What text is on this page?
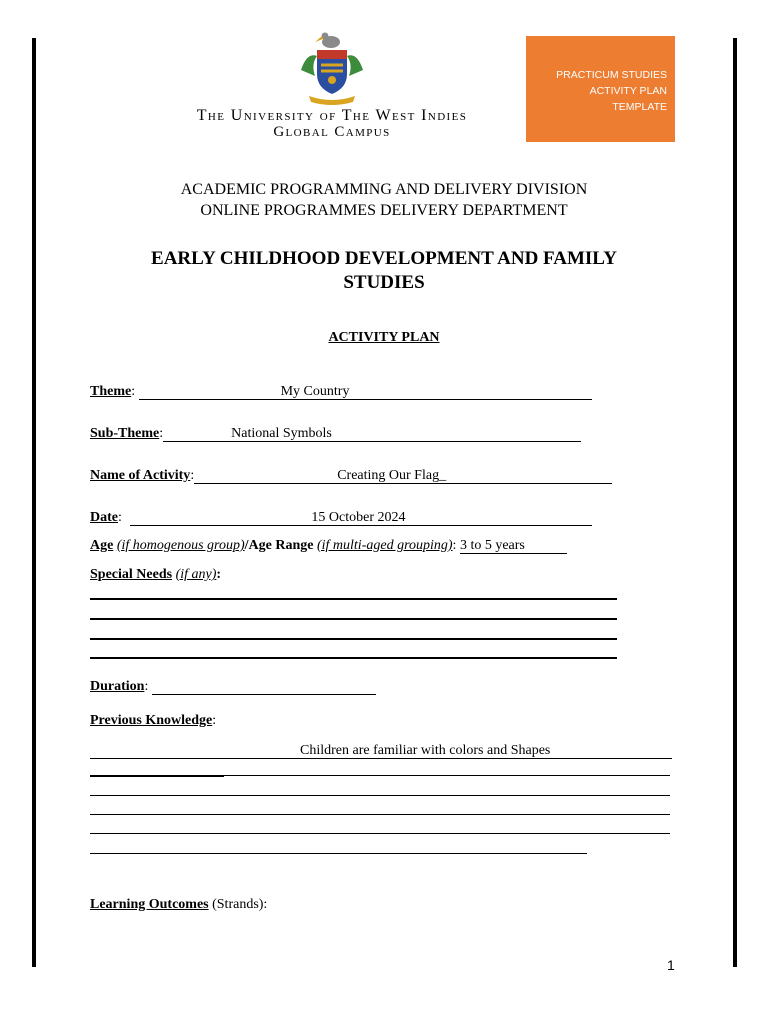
The University of The West Indies
Global Campus
PRACTICUM STUDIES
ACTIVITY PLAN
TEMPLATE
ACADEMIC PROGRAMMING AND DELIVERY DIVISION
ONLINE PROGRAMMES DELIVERY DEPARTMENT
EARLY CHILDHOOD DEVELOPMENT AND FAMILY
STUDIES
ACTIVITY PLAN
Theme:	My Country

Sub-Theme:	National Symbols

Name of Activity:	Creating Our Flag_

Date:	15 October 2024

Age (if homogenous group)/Age Range (if multi-aged grouping): 3 to 5 years
Special Needs (if any):
Duration:
Previous Knowledge:
Children are familiar with colors and Shapes

Learning Outcomes (Strands):
1
